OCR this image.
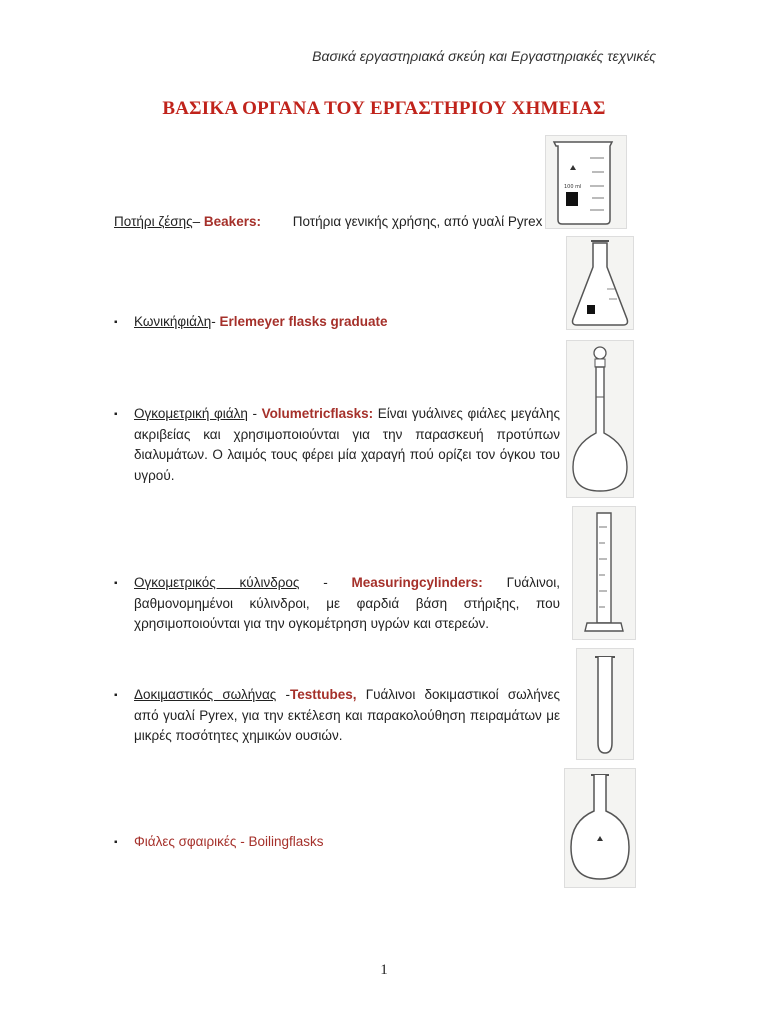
Βασικά εργαστηριακά σκεύη και Εργαστηριακές τεχνικές
ΒΑΣΙΚΑ ΟΡΓΑΝΑ ΤΟΥ ΕΡΓΑΣΤΗΡΙΟΥ ΧΗΜΕΙΑΣ
Ποτήρι ζέσης– Beakers: Ποτήρια γενικής χρήσης, από γυαλί Pyrex
▪ Κωνικήφιάλη- Erlemeyer flasks graduate
▪ Ογκομετρική φιάλη - Volumetricflasks: Είναι γυάλινες φιάλες μεγάλης ακριβείας και χρησιμοποιούνται για την παρασκευή προτύπων διαλυμάτων. Ο λαιμός τους φέρει μία χαραγή πού ορίζει τον όγκου του υγρού.
▪ Ογκομετρικός κύλινδρος - Measuringcylinders: Γυάλινοι, βαθμονομημένοι κύλινδροι, με φαρδιά βάση στήριξης, που χρησιμοποιούνται για την ογκομέτρηση υγρών και στερεών.
▪ Δοκιμαστικός σωλήνας -Testtubes, Γυάλινοι δοκιμαστικοί σωλήνες από γυαλί Pyrex, για την εκτέλεση και παρακολούθηση πειραμάτων με μικρές ποσότητες χημικών ουσιών.
▪ Φιάλες σφαιρικές - Boilingflasks
100 ml
1
